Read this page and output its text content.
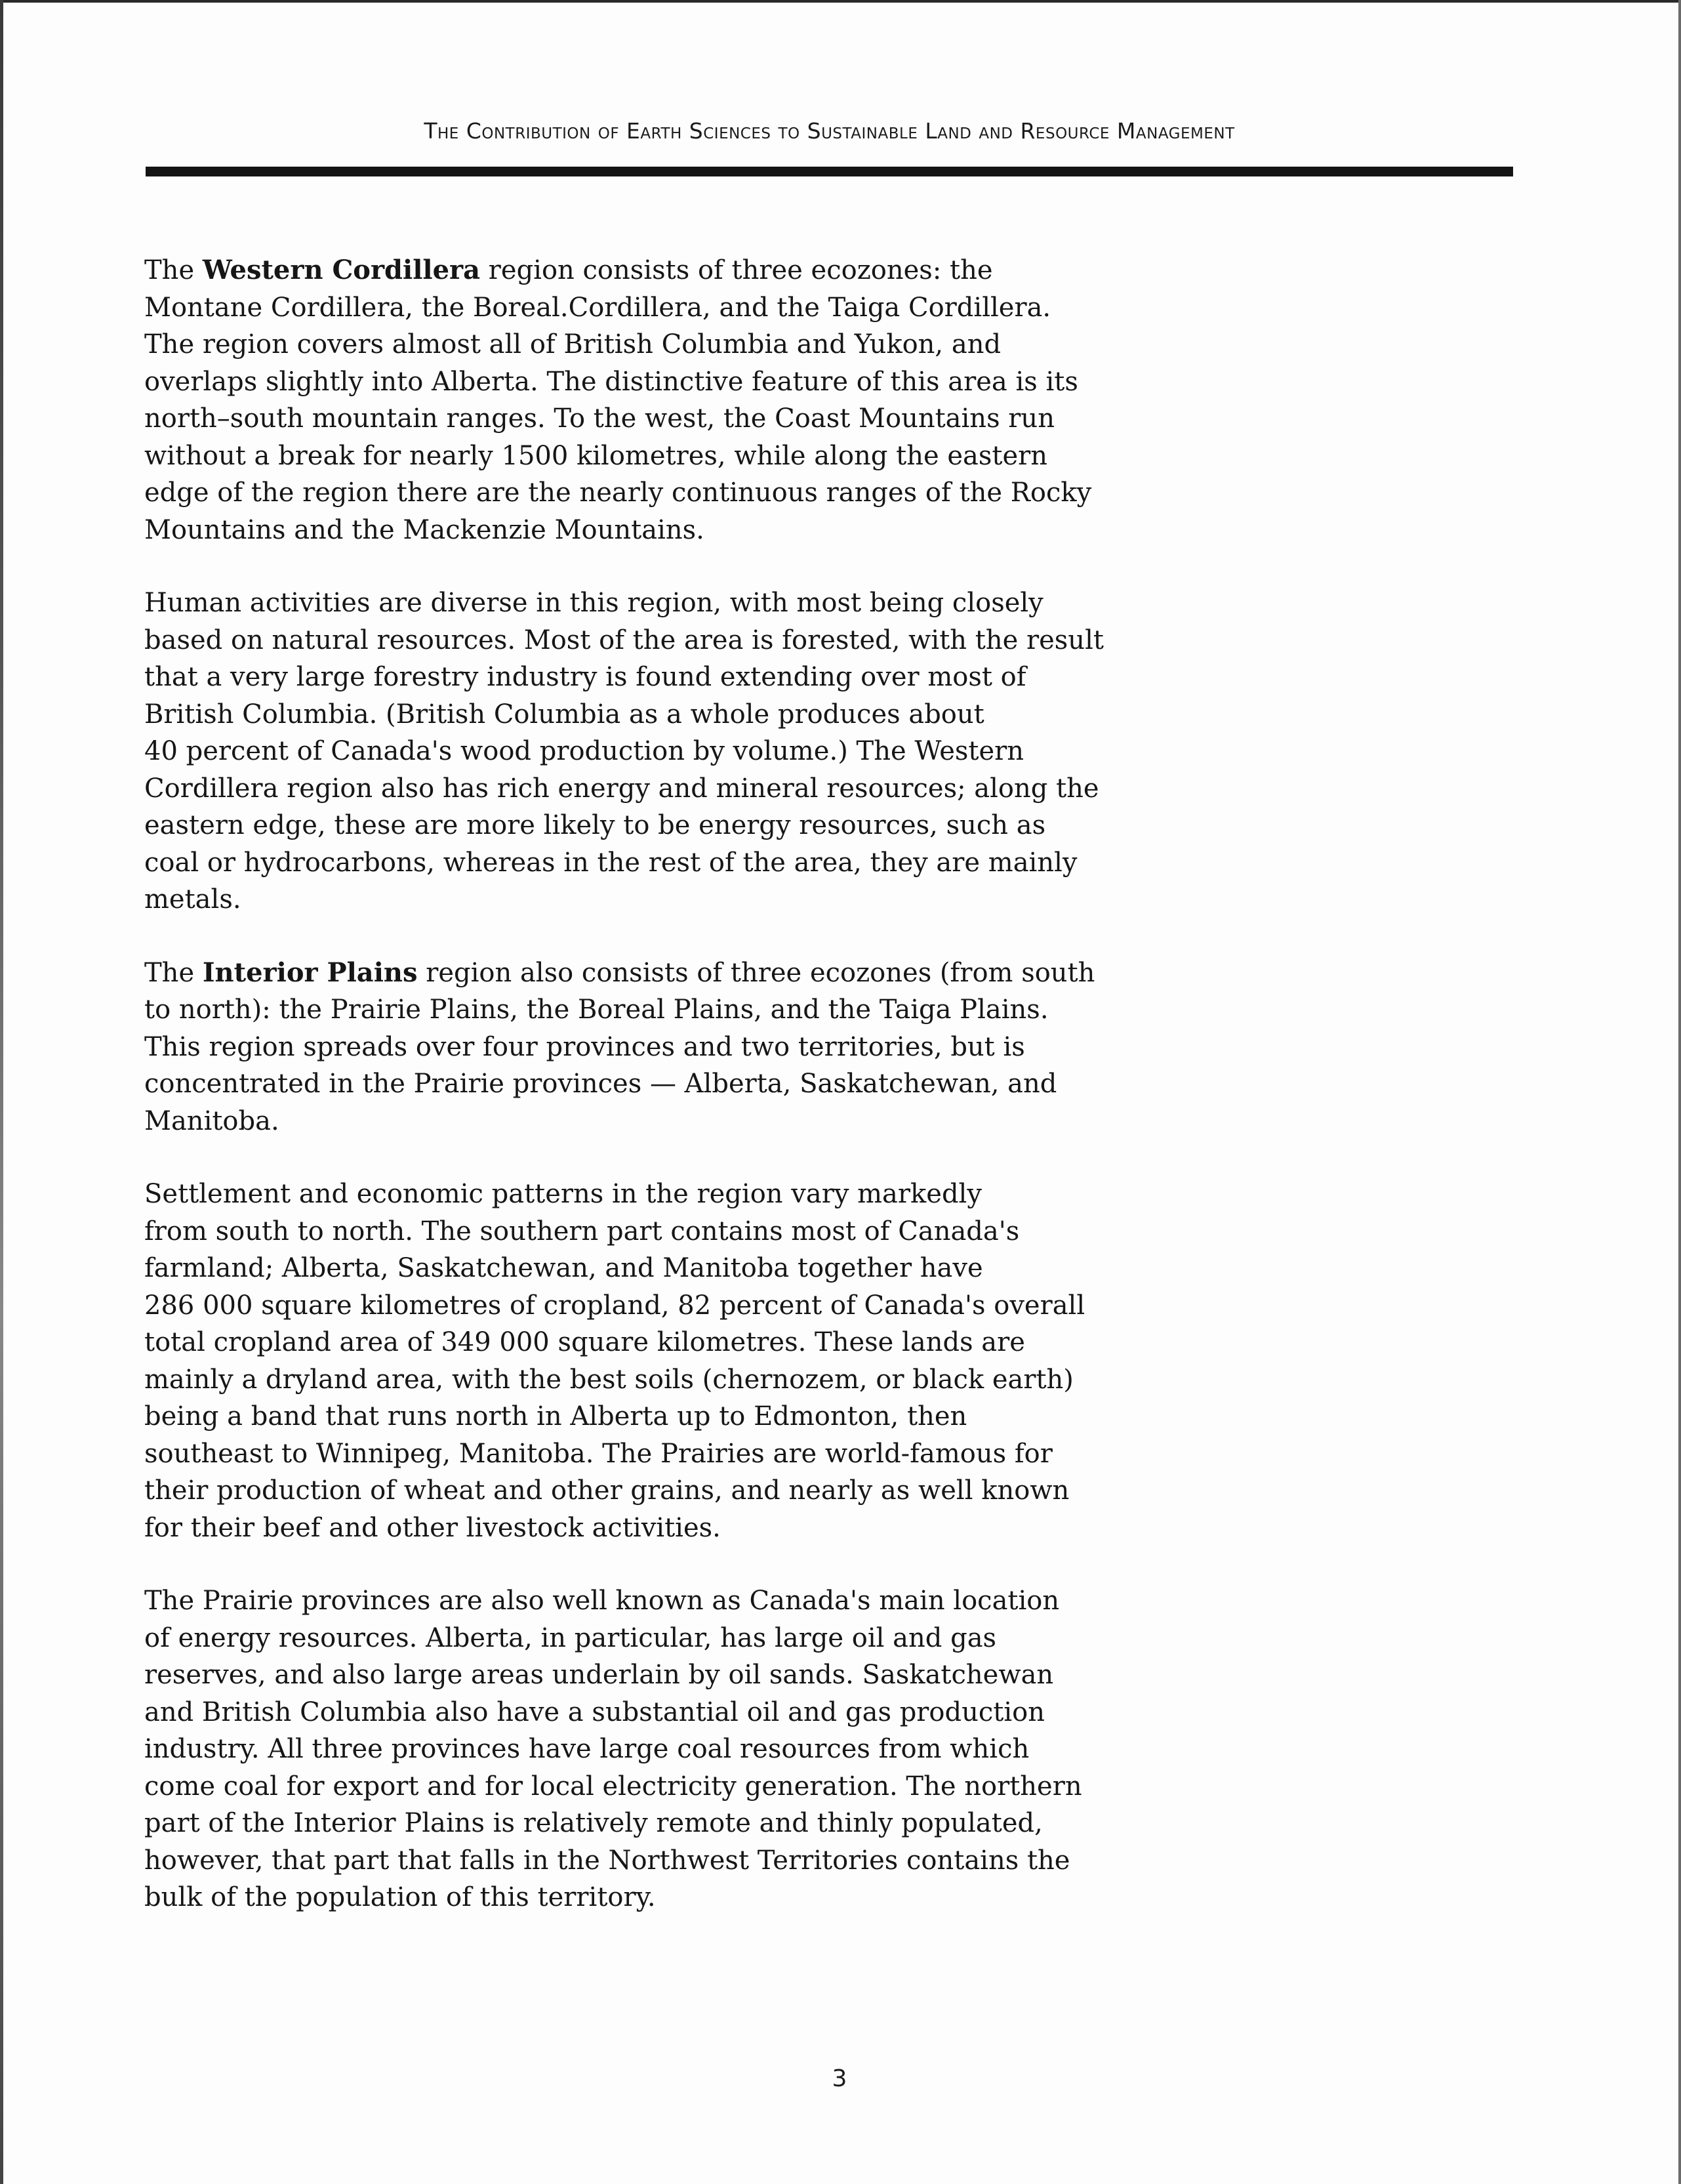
The Contribution of Earth Sciences to Sustainable Land and Resource Management

The Western Cordillera region consists of three ecozones: the
Montane Cordillera, the Boreal.Cordillera, and the Taiga Cordillera.
The region covers almost all of British Columbia and Yukon, and
overlaps slightly into Alberta. The distinctive feature of this area is its
north–south mountain ranges. To the west, the Coast Mountains run
without a break for nearly 1500 kilometres, while along the eastern
edge of the region there are the nearly continuous ranges of the Rocky
Mountains and the Mackenzie Mountains.

Human activities are diverse in this region, with most being closely
based on natural resources. Most of the area is forested, with the result
that a very large forestry industry is found extending over most of
British Columbia. (British Columbia as a whole produces about
40 percent of Canada's wood production by volume.) The Western
Cordillera region also has rich energy and mineral resources; along the
eastern edge, these are more likely to be energy resources, such as
coal or hydrocarbons, whereas in the rest of the area, they are mainly
metals.

The Interior Plains region also consists of three ecozones (from south
to north): the Prairie Plains, the Boreal Plains, and the Taiga Plains.
This region spreads over four provinces and two territories, but is
concentrated in the Prairie provinces — Alberta, Saskatchewan, and
Manitoba.

Settlement and economic patterns in the region vary markedly
from south to north. The southern part contains most of Canada's
farmland; Alberta, Saskatchewan, and Manitoba together have
286 000 square kilometres of cropland, 82 percent of Canada's overall
total cropland area of 349 000 square kilometres. These lands are
mainly a dryland area, with the best soils (chernozem, or black earth)
being a band that runs north in Alberta up to Edmonton, then
southeast to Winnipeg, Manitoba. The Prairies are world-famous for
their production of wheat and other grains, and nearly as well known
for their beef and other livestock activities.

The Prairie provinces are also well known as Canada's main location
of energy resources. Alberta, in particular, has large oil and gas
reserves, and also large areas underlain by oil sands. Saskatchewan
and British Columbia also have a substantial oil and gas production
industry. All three provinces have large coal resources from which
come coal for export and for local electricity generation. The northern
part of the Interior Plains is relatively remote and thinly populated,
however, that part that falls in the Northwest Territories contains the
bulk of the population of this territory.

3
